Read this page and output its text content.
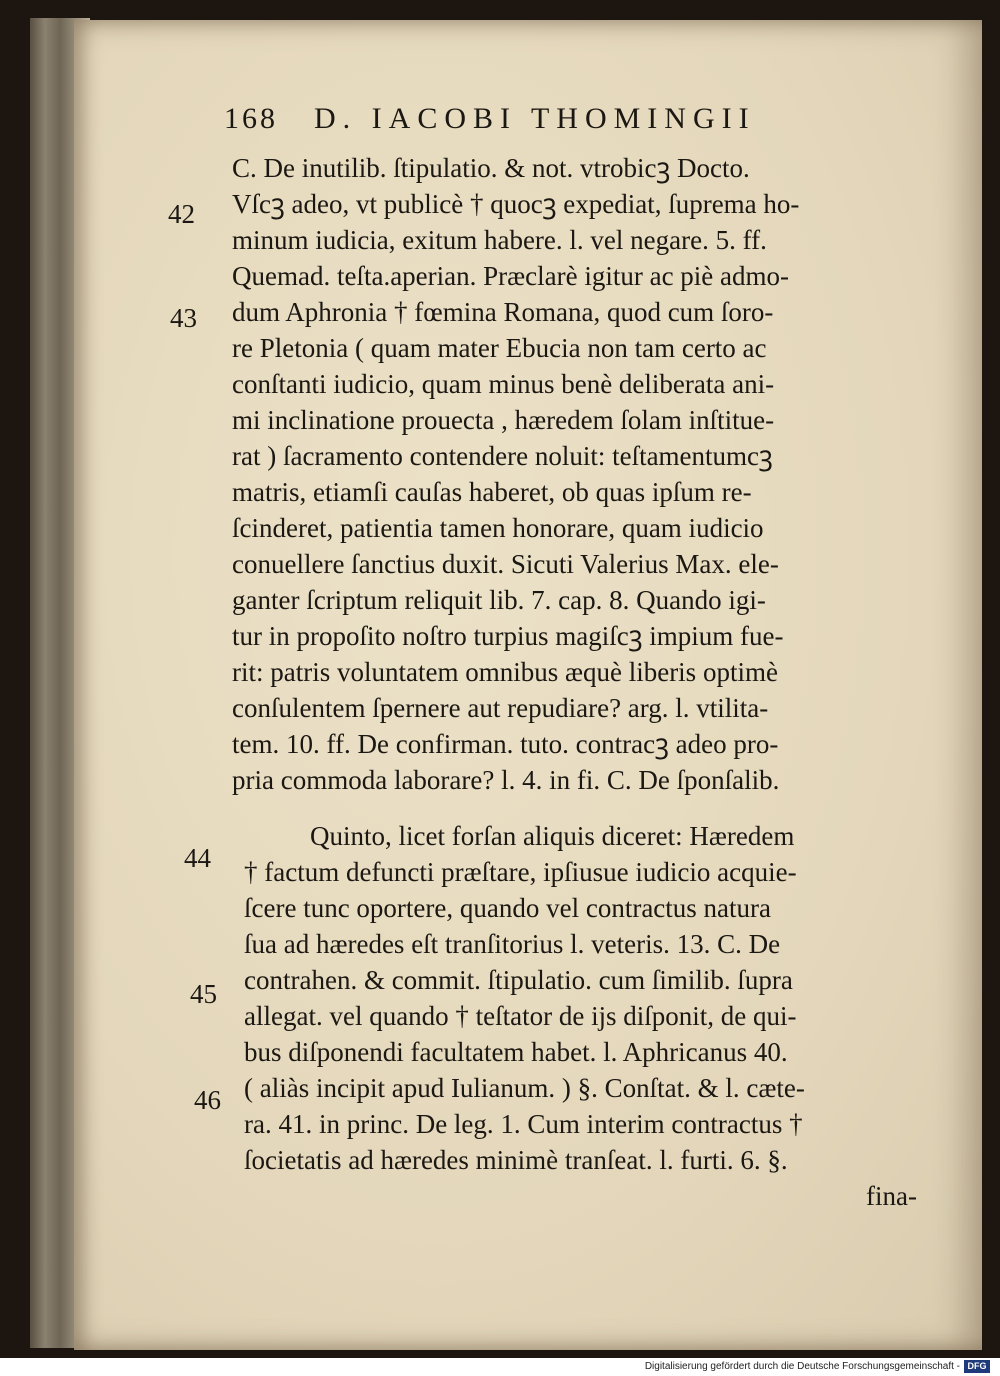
168 D. IACOBI THOMINGII
C. De inutilib. ſtipulatio. & not. vtrobicꝫ Docto.
Vſcꝫ adeo, vt publicè † quocꝫ expediat, ſuprema ho-
minum iudicia, exitum habere. l. vel negare. 5. ff.
Quemad. teſta.aperian. Præclarè igitur ac piè admo-
dum Aphronia † fœmina Romana, quod cum ſoro-
re Pletonia ( quam mater Ebucia non tam certo ac
conſtanti iudicio, quam minus benè deliberata ani-
mi inclinatione prouecta , hæredem ſolam inſtitue-
rat ) ſacramento contendere noluit: teſtamentumcꝫ
matris, etiamſi cauſas haberet, ob quas ipſum re-
ſcinderet, patientia tamen honorare, quam iudicio
conuellere ſanctius duxit. Sicuti Valerius Max. ele-
ganter ſcriptum reliquit lib. 7. cap. 8. Quando igi-
tur in propoſito noſtro turpius magiſcꝫ impium fue-
rit: patris voluntatem omnibus æquè liberis optimè
conſulentem ſpernere aut repudiare? arg. l. vtilita-
tem. 10. ff. De confirman. tuto. contracꝫ adeo pro-
pria commoda laborare? l. 4. in fi. C. De ſponſalib.
Quinto, licet forſan aliquis diceret: Hæredem
† factum defuncti præſtare, ipſiusue iudicio acquie-
ſcere tunc oportere, quando vel contractus natura
ſua ad hæredes eſt tranſitorius l. veteris. 13. C. De
contrahen. & commit. ſtipulatio. cum ſimilib. ſupra
allegat. vel quando † teſtator de ĳs diſponit, de qui-
bus diſponendi facultatem habet. l. Aphricanus 40.
( aliàs incipit apud Iulianum. ) §. Conſtat. & l. cæte-
ra. 41. in princ. De leg. 1. Cum interim contractus †
ſocietatis ad hæredes minimè tranſeat. l. furti. 6. §.
fina-
42
43
44
45
46
Digitalisierung gefördert durch die Deutsche Forschungsgemeinschaft - DFG
